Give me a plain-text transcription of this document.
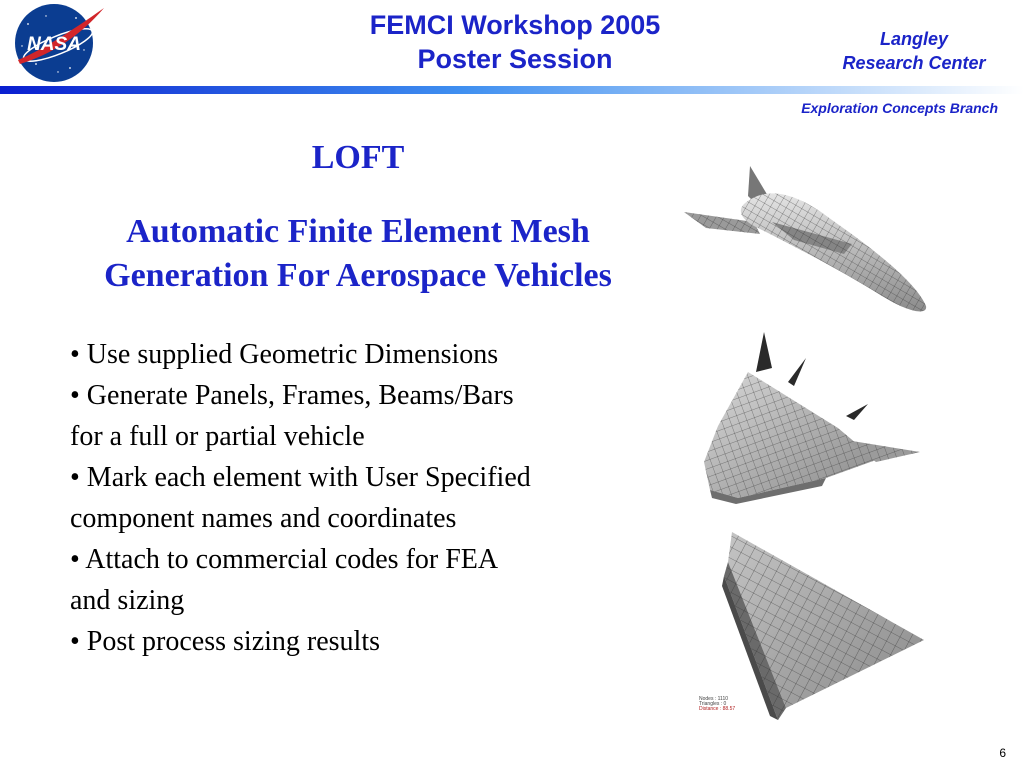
NASA
FEMCI Workshop 2005
Poster Session
Langley
Research Center
Exploration Concepts Branch
LOFT
Automatic Finite Element Mesh
Generation For Aerospace Vehicles
• Use supplied Geometric Dimensions
• Generate Panels, Frames, Beams/Bars
for a full or partial vehicle
• Mark each element with User Specified
component names and coordinates
• Attach to commercial codes for FEA
and sizing
• Post process sizing results
Nodes : 1110
Triangles : 0
Distance : 88.57
6
